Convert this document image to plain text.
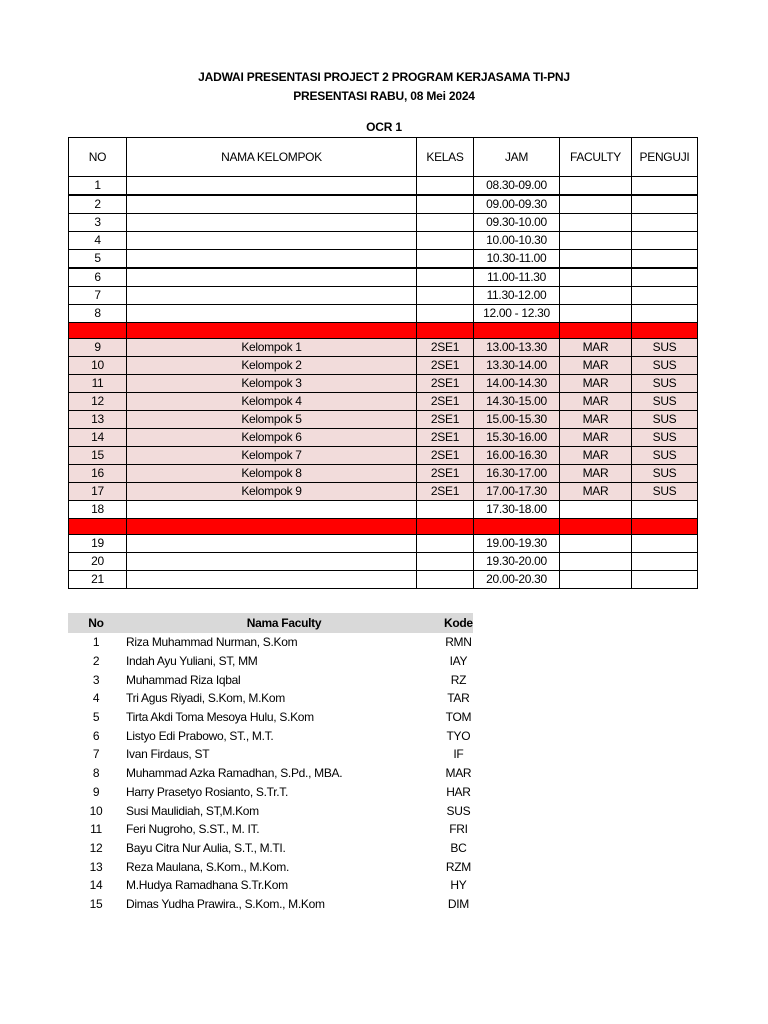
JADWAI PRESENTASI PROJECT 2 PROGRAM KERJASAMA TI-PNJ
PRESENTASI RABU, 08 Mei 2024
OCR 1
NO	NAMA KELOMPOK	KELAS	JAM	FACULTY	PENGUJI
1			08.30-09.00		
2			09.00-09.30		
3			09.30-10.00		
4			10.00-10.30		
5			10.30-11.00		
6			11.00-11.30		
7			11.30-12.00		
8			12.00 - 12.30		

9	Kelompok 1	2SE1	13.00-13.30	MAR	SUS
10	Kelompok 2	2SE1	13.30-14.00	MAR	SUS
11	Kelompok 3	2SE1	14.00-14.30	MAR	SUS
12	Kelompok 4	2SE1	14.30-15.00	MAR	SUS
13	Kelompok 5	2SE1	15.00-15.30	MAR	SUS
14	Kelompok 6	2SE1	15.30-16.00	MAR	SUS
15	Kelompok 7	2SE1	16.00-16.30	MAR	SUS
16	Kelompok 8	2SE1	16.30-17.00	MAR	SUS
17	Kelompok 9	2SE1	17.00-17.30	MAR	SUS
18			17.30-18.00		

19			19.00-19.30		
20			19.30-20.00		
21			20.00-20.30		
No	Nama Faculty	Kode
1	Riza Muhammad Nurman, S.Kom	RMN
2	Indah Ayu Yuliani, ST, MM	IAY
3	Muhammad Riza Iqbal	RZ
4	Tri Agus Riyadi, S.Kom, M.Kom	TAR
5	Tirta Akdi Toma Mesoya Hulu, S.Kom	TOM
6	Listyo Edi Prabowo, ST., M.T.	TYO
7	Ivan Firdaus, ST	IF
8	Muhammad Azka Ramadhan, S.Pd., MBA.	MAR
9	Harry Prasetyo Rosianto, S.Tr.T.	HAR
10	Susi Maulidiah, ST,M.Kom	SUS
11	Feri Nugroho, S.ST., M. IT.	FRI
12	Bayu Citra Nur Aulia, S.T., M.TI.	BC
13	Reza Maulana, S.Kom., M.Kom.	RZM
14	M.Hudya Ramadhana S.Tr.Kom	HY
15	Dimas Yudha Prawira., S.Kom., M.Kom	DIM
